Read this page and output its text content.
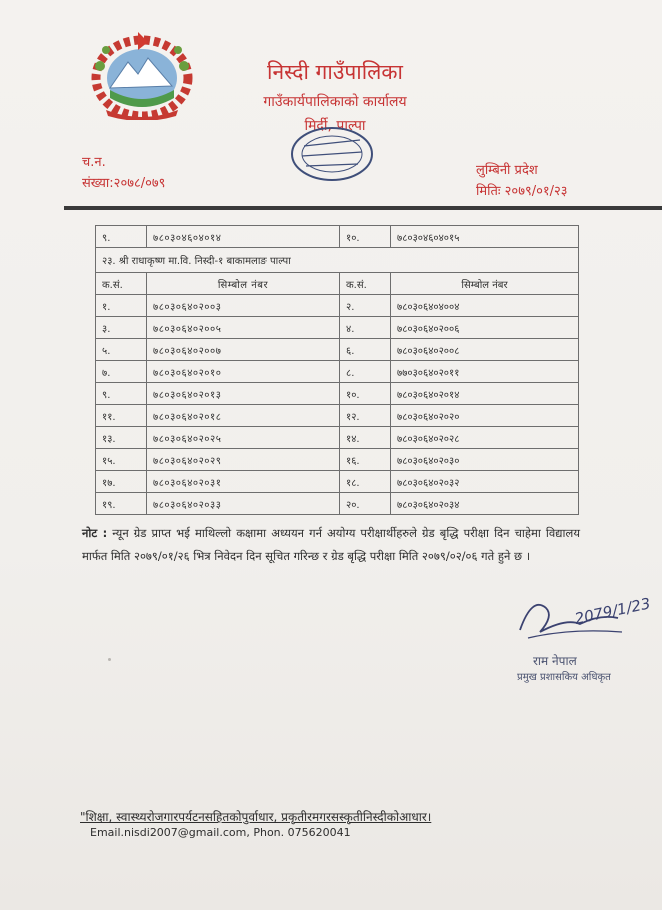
निस्दी गाउँपालिका
गाउँकार्यपालिकाको कार्यालय
मिर्दी, पाल्पा
च.न.
संख्या:२०७८/०७९
लुम्बिनी प्रदेश
मितिः २०७९/०१/२३
९.	७८०३०४६०४०१४	१०.	७८०३०४६०४०१५
२३. श्री राधाकृष्ण मा.वि. निस्दी-१ बाकामलाङ पाल्पा			
क.सं.	सिम्बोल नंबर	क.सं.	सिम्बोल नंबर
१.	७८०३०६४०२००३	२.	७८०३०६४०४००४
३.	७८०३०६४०२००५	४.	७८०३०६४०२००६
५.	७८०३०६४०२००७	६.	७८०३०६४०२००८
७.	७८०३०६४०२०१०	८.	७७०३०६४०२०११
९.	७८०३०६४०२०१३	१०.	७८०३०६४०२०१४
११.	७८०३०६४०२०१८	१२.	७८०३०६४०२०२०
१३.	७८०३०६४०२०२५	१४.	७८०३०६४०२०२८
१५.	७८०३०६४०२०२९	१६.	७८०३०६४०२०३०
१७.	७८०३०६४०२०३१	१८.	७८०३०६४०२०३२
१९.	७८०३०६४०२०३३	२०.	७८०३०६४०२०३४
नोट : न्यून ग्रेड प्राप्त भई माथिल्लो कक्षामा अध्ययन गर्न अयोग्य परीक्षार्थीहरुले ग्रेड बृद्धि परीक्षा दिन चाहेमा विद्यालय मार्फत मिति २०७९/०१/२६ भित्र निवेदन दिन सूचित गरिन्छ र ग्रेड बृद्धि परीक्षा मिति २०७९/०२/०६ गते हुने छ ।
2079/1/23
राम नेपाल
प्रमुख प्रशासकिय अधिकृत
"शिक्षा, स्वास्थ्यरोजगारपर्यटनसहितकोपुर्वाधार, प्रकृतीरमगरसस्कृतीनिस्दीकोआधार।
Email.nisdi2007@gmail.com, Phon. 075620041
